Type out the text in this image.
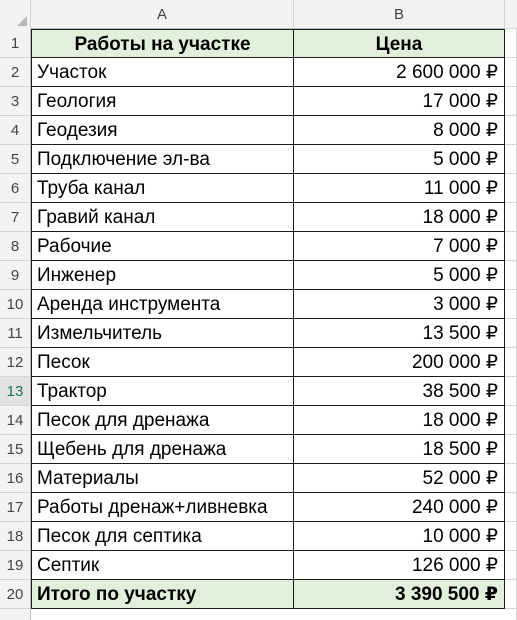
A	B
1	Работы на участке	Цена
2 Участок	2 600 000 ₽
3 Геология	17 000 ₽
4 Геодезия	8 000 ₽
5 Подключение эл-ва	5 000 ₽
6 Труба канал	11 000 ₽
7 Гравий канал	18 000 ₽
8 Рабочие	7 000 ₽
9 Инженер	5 000 ₽
10 Аренда инструмента	3 000 ₽
11 Измельчитель	13 500 ₽
12 Песок	200 000 ₽
13 Трактор	38 500 ₽
14 Песок для дренажа	18 000 ₽
15 Щебень для дренажа	18 500 ₽
16 Материалы	52 000 ₽
17 Работы дренаж+ливневка	240 000 ₽
18 Песок для септика	10 000 ₽
19 Септик	126 000 ₽
20 Итого по участку	3 390 500 ₽
